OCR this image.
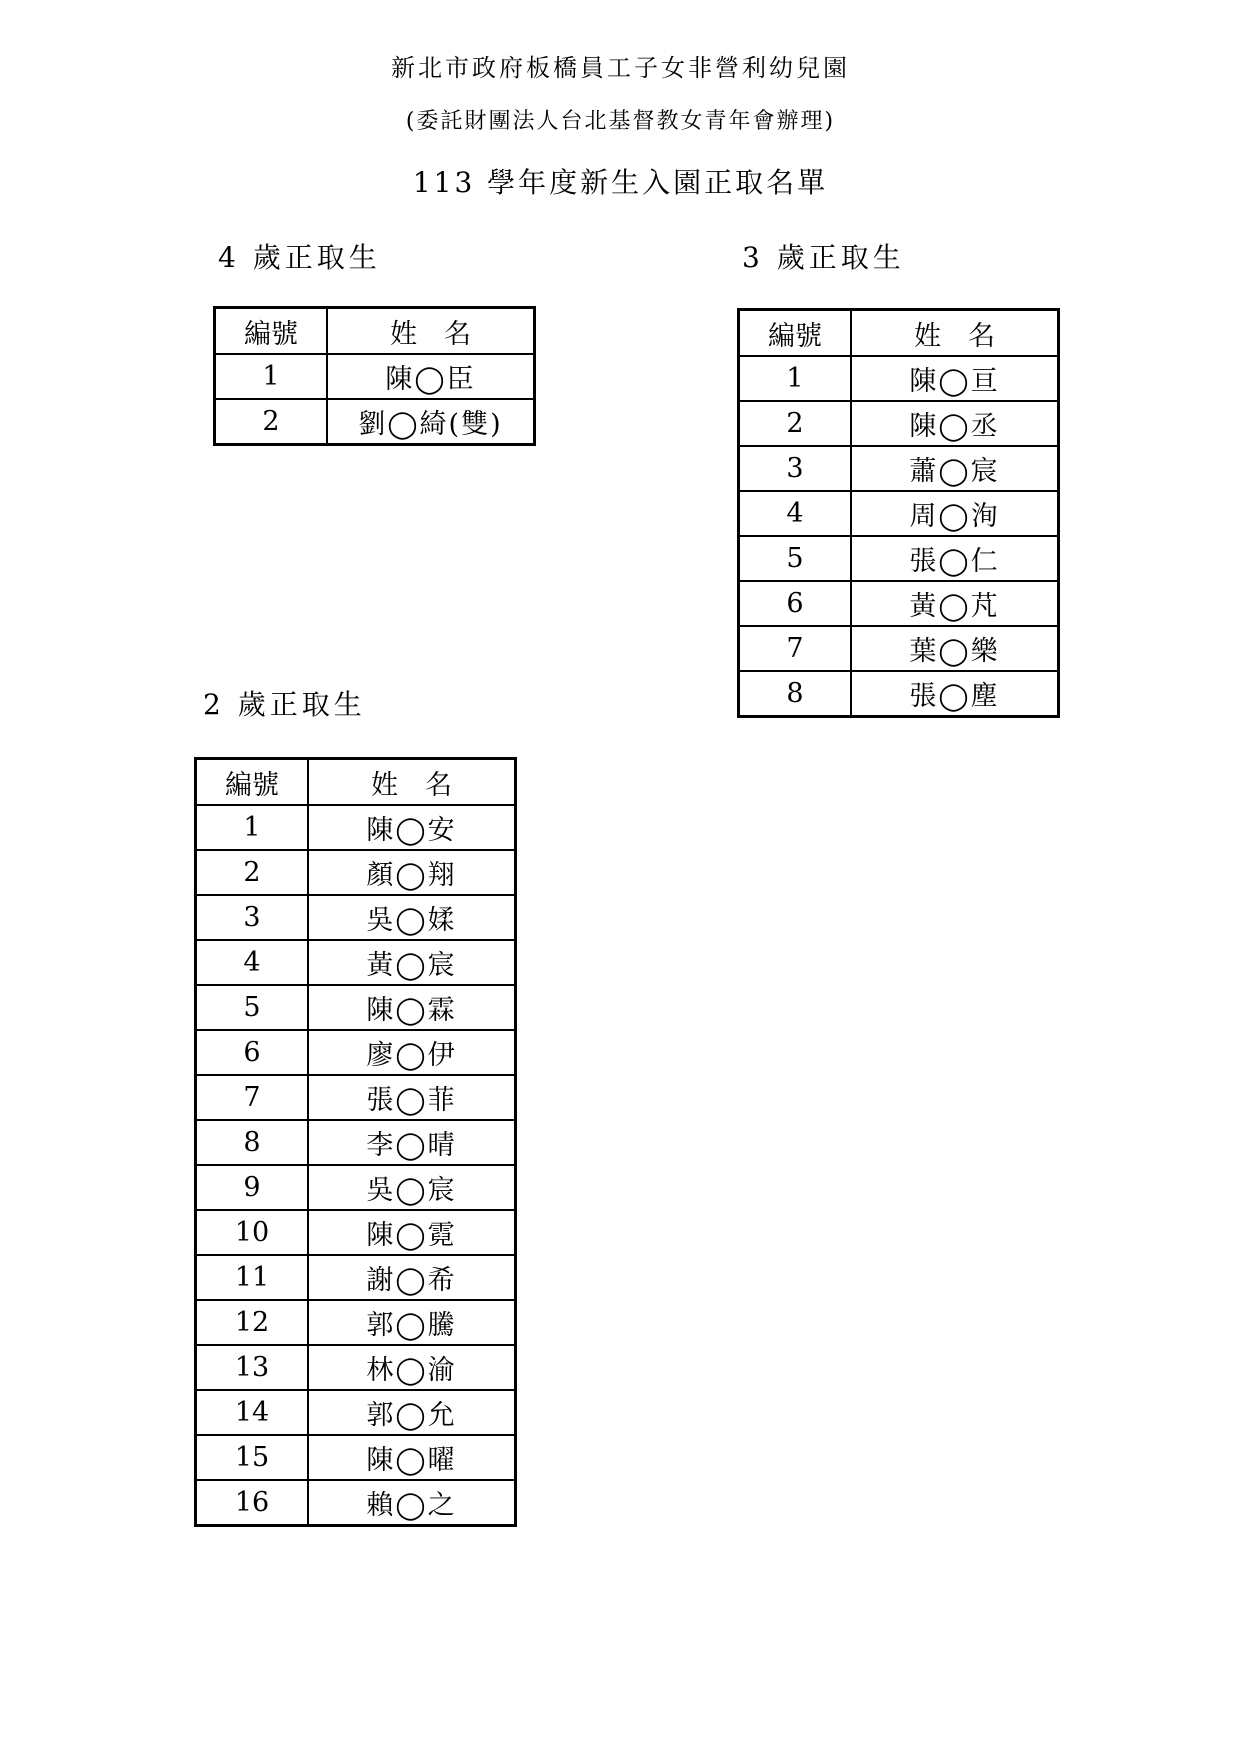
新北市政府板橋員工子女非營利幼兒園
(委託財團法人台北基督教女青年會辦理)
113 學年度新生入園正取名單
4 歲正取生	3 歲正取生
2 歲正取生
編號	姓　名
1	陳◯臣
2	劉◯綺(雙)
編號	姓　名
1	陳◯亘
2	陳◯丞
3	蕭◯宸
4	周◯洵
5	張◯仁
6	黃◯芃
7	葉◯樂
8	張◯塵
編號	姓　名
1	陳◯安
2	顏◯翔
3	吳◯媃
4	黃◯宸
5	陳◯霖
6	廖◯伊
7	張◯菲
8	李◯晴
9	吳◯宸
10	陳◯霓
11	謝◯希
12	郭◯騰
13	林◯渝
14	郭◯允
15	陳◯曜
16	賴◯之
